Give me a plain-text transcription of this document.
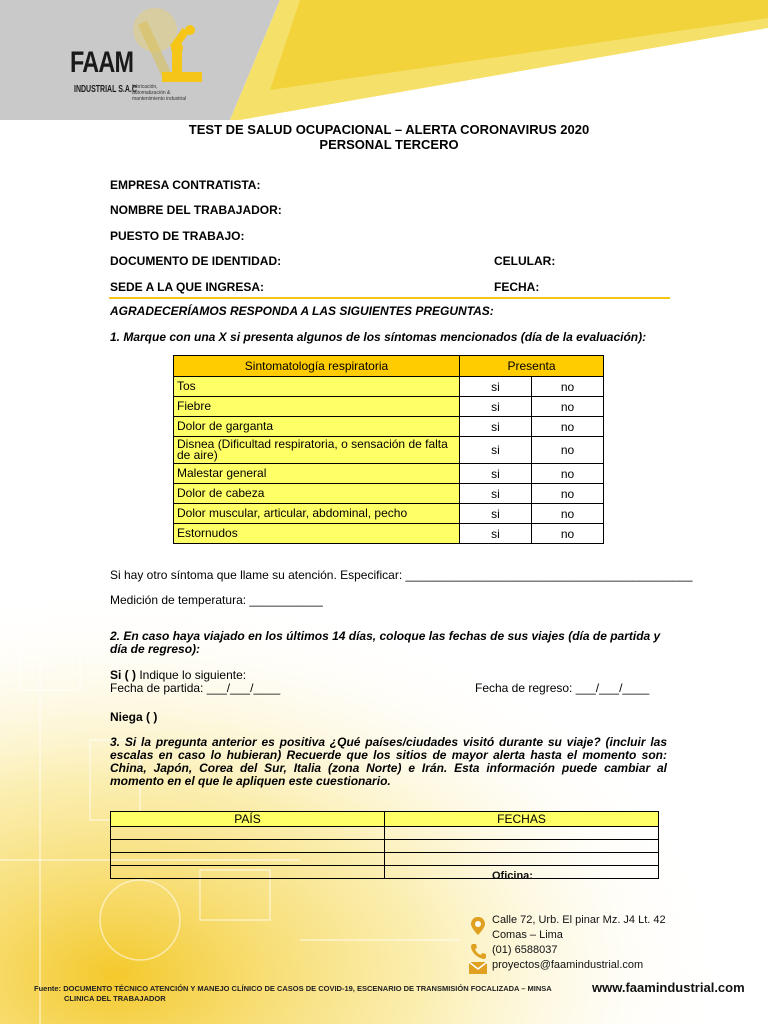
FAAM
INDUSTRIAL S.A.C
fabricación, automatización & mantenimiento industrial
TEST DE SALUD OCUPACIONAL – ALERTA CORONAVIRUS 2020
PERSONAL TERCERO
EMPRESA CONTRATISTA:
NOMBRE DEL TRABAJADOR:
PUESTO DE TRABAJO:
DOCUMENTO DE IDENTIDAD:	CELULAR:
SEDE A LA QUE INGRESA:	FECHA:
AGRADECERÍAMOS RESPONDA A LAS SIGUIENTES PREGUNTAS:
1. Marque con una X si presenta algunos de los síntomas mencionados (día de la evaluación):
Sintomatología respiratoria	Presenta	
Tos	si	no
Fiebre	si	no
Dolor de garganta	si	no
Disnea (Dificultad respiratoria, o sensación de falta de aire)	si	no
Malestar general	si	no
Dolor de cabeza	si	no
Dolor muscular, articular, abdominal, pecho	si	no
Estornudos	si	no
Si hay otro síntoma que llame su atención. Especificar: ___________________________________________
Medición de temperatura: ___________
2. En caso haya viajado en los últimos 14 días, coloque las fechas de sus viajes (día de partida y día de regreso):
Si ( ) Indique lo siguiente:
Fecha de partida: ___/___/____	Fecha de regreso: ___/___/____
Niega ( )
3. Si la pregunta anterior es positiva ¿Qué países/ciudades visitó durante su viaje? (incluir las escalas en caso lo hubieran) Recuerde que los sitios de mayor alerta hasta el momento son: China, Japón, Corea del Sur, Italia (zona Norte) e Irán. Esta información puede cambiar al momento en el que le apliquen este cuestionario.
PAÍS	FECHAS

Oficina:
Calle 72, Urb. El pinar Mz. J4 Lt. 42
Comas – Lima
(01) 6588037
proyectos@faamindustrial.com
Fuente: DOCUMENTO TÉCNICO ATENCIÓN Y MANEJO CLÍNICO DE CASOS DE COVID-19, ESCENARIO DE TRANSMISIÓN FOCALIZADA – MINSA
CLINICA DEL TRABAJADOR
www.faamindustrial.com
